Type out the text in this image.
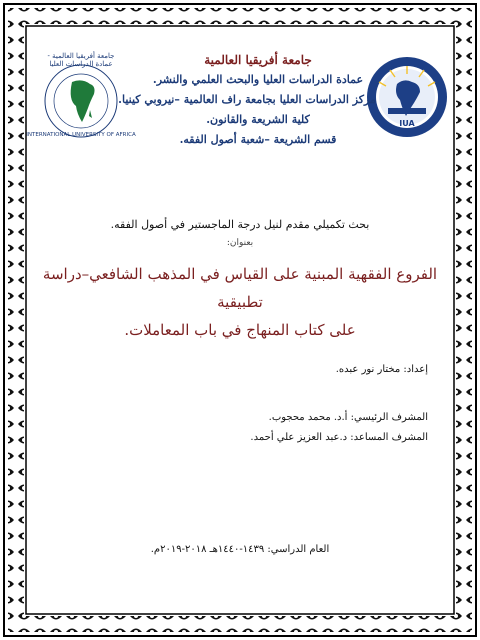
IUA
جامعة أفريقيا العالمية - عمادة الدراسات العليا
INTERNATIONAL UNIVERSITY OF AFRICA
جامعة أفريقيا العالمية
عمادة الدراسات العليا والبحث العلمي والنشر.
مركز الدراسات العليا بجامعة راف العالمية –نيروبي كينيا.
كلية الشريعة والقانون.
قسم الشريعة –شعبة أصول الفقه.
بحث تكميلي مقدم لنيل درجة الماجستير في أصول الفقه.
بعنوان:
الفروع الفقهية المبنية على القياس في المذهب الشافعي–دراسة تطبيقية
على كتاب المنهاج في باب المعاملات.
إعداد: مختار نور عبده.
المشرف الرئيسي: أ.د. محمد محجوب.
المشرف المساعد: د.عبد العزيز علي أحمد.
العام الدراسي: ١٤٣٩-١٤٤٠هـ ٢٠١٨-٢٠١٩م.
